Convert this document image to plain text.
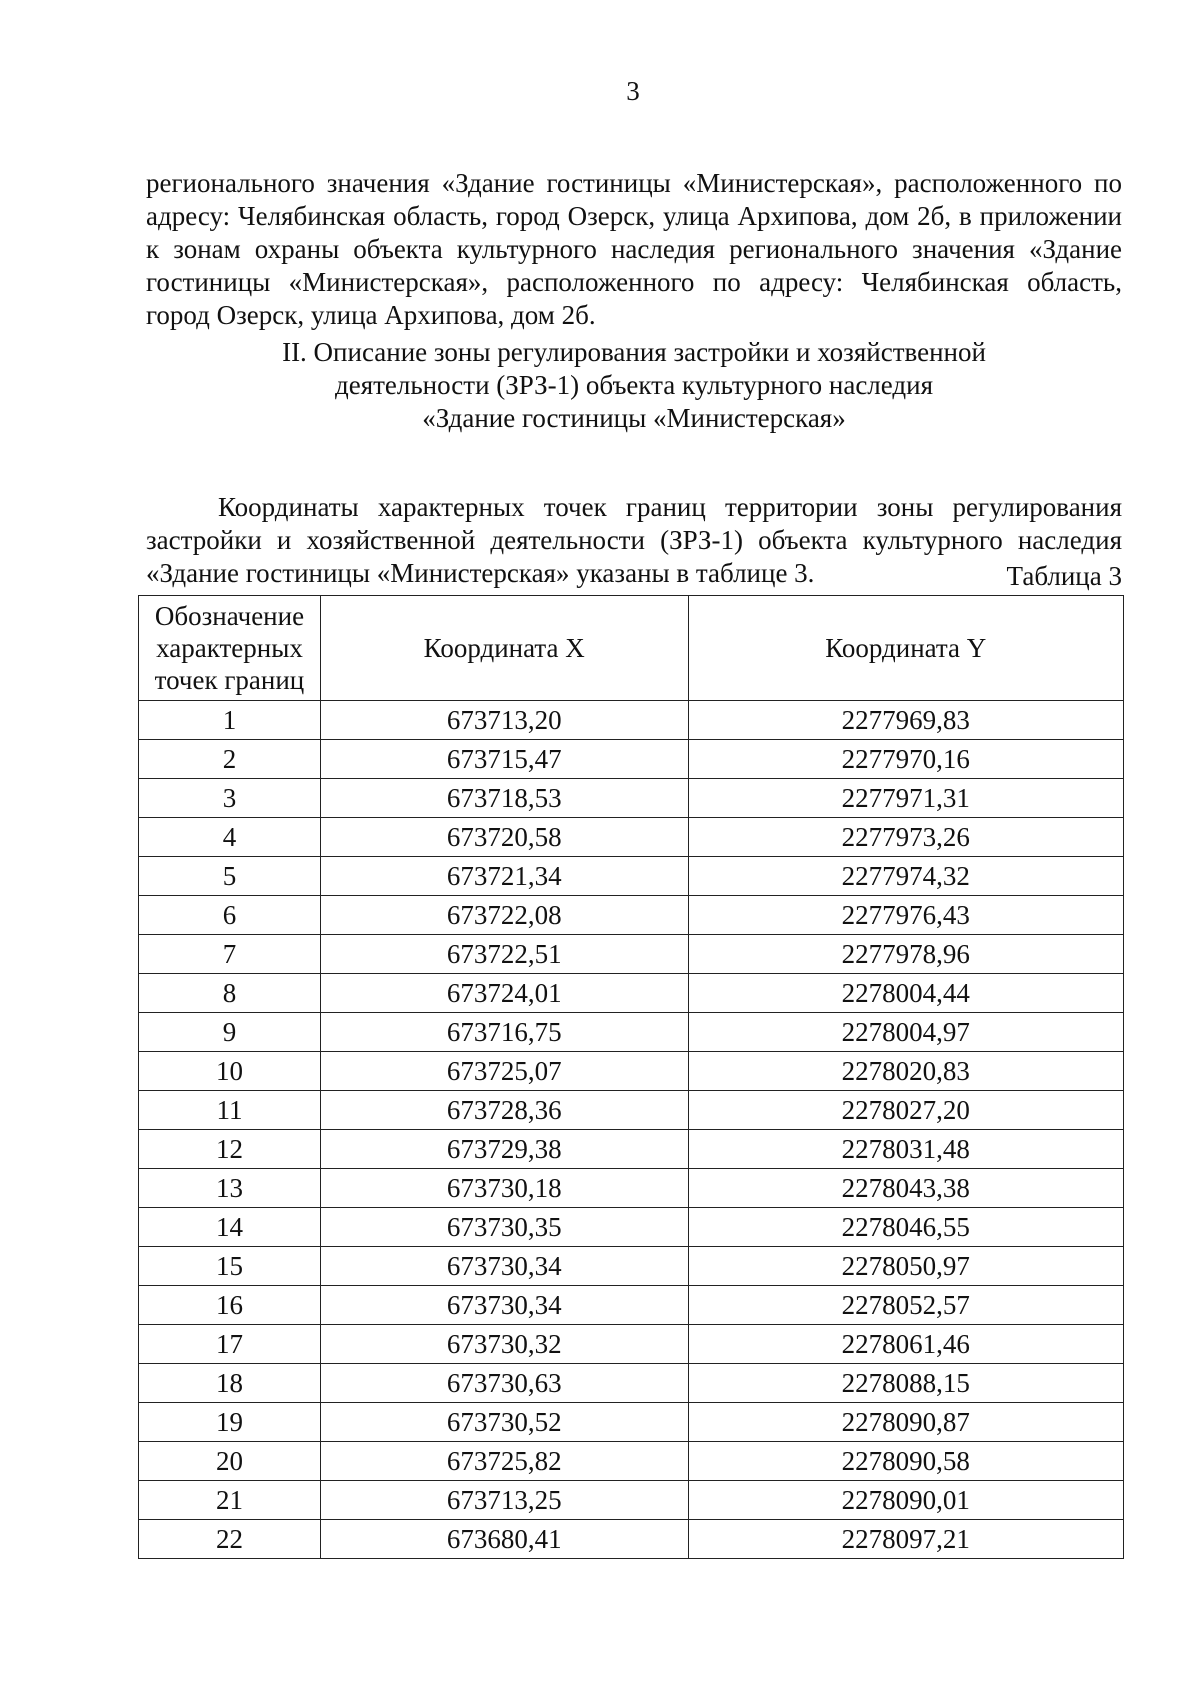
3

регионального значения «Здание гостиницы «Министерская», расположенного по адресу: Челябинская область, город Озерск, улица Архипова, дом 2б, в приложении к зонам охраны объекта культурного наследия регионального значения «Здание гостиницы «Министерская», расположенного по адресу: Челябинская область, город Озерск, улица Архипова, дом 2б.

II. Описание зоны регулирования застройки и хозяйственной
деятельности (ЗРЗ-1) объекта культурного наследия
«Здание гостиницы «Министерская»

Координаты характерных точек границ территории зоны регулирования застройки и хозяйственной деятельности (ЗРЗ-1) объекта культурного наследия «Здание гостиницы «Министерская» указаны в таблице 3.	Таблица 3
Обозначение характерных точек границ	Координата X	Координата Y
1	673713,20	2277969,83
2	673715,47	2277970,16
3	673718,53	2277971,31
4	673720,58	2277973,26
5	673721,34	2277974,32
6	673722,08	2277976,43
7	673722,51	2277978,96
8	673724,01	2278004,44
9	673716,75	2278004,97
10	673725,07	2278020,83
11	673728,36	2278027,20
12	673729,38	2278031,48
13	673730,18	2278043,38
14	673730,35	2278046,55
15	673730,34	2278050,97
16	673730,34	2278052,57
17	673730,32	2278061,46
18	673730,63	2278088,15
19	673730,52	2278090,87
20	673725,82	2278090,58
21	673713,25	2278090,01
22	673680,41	2278097,21
